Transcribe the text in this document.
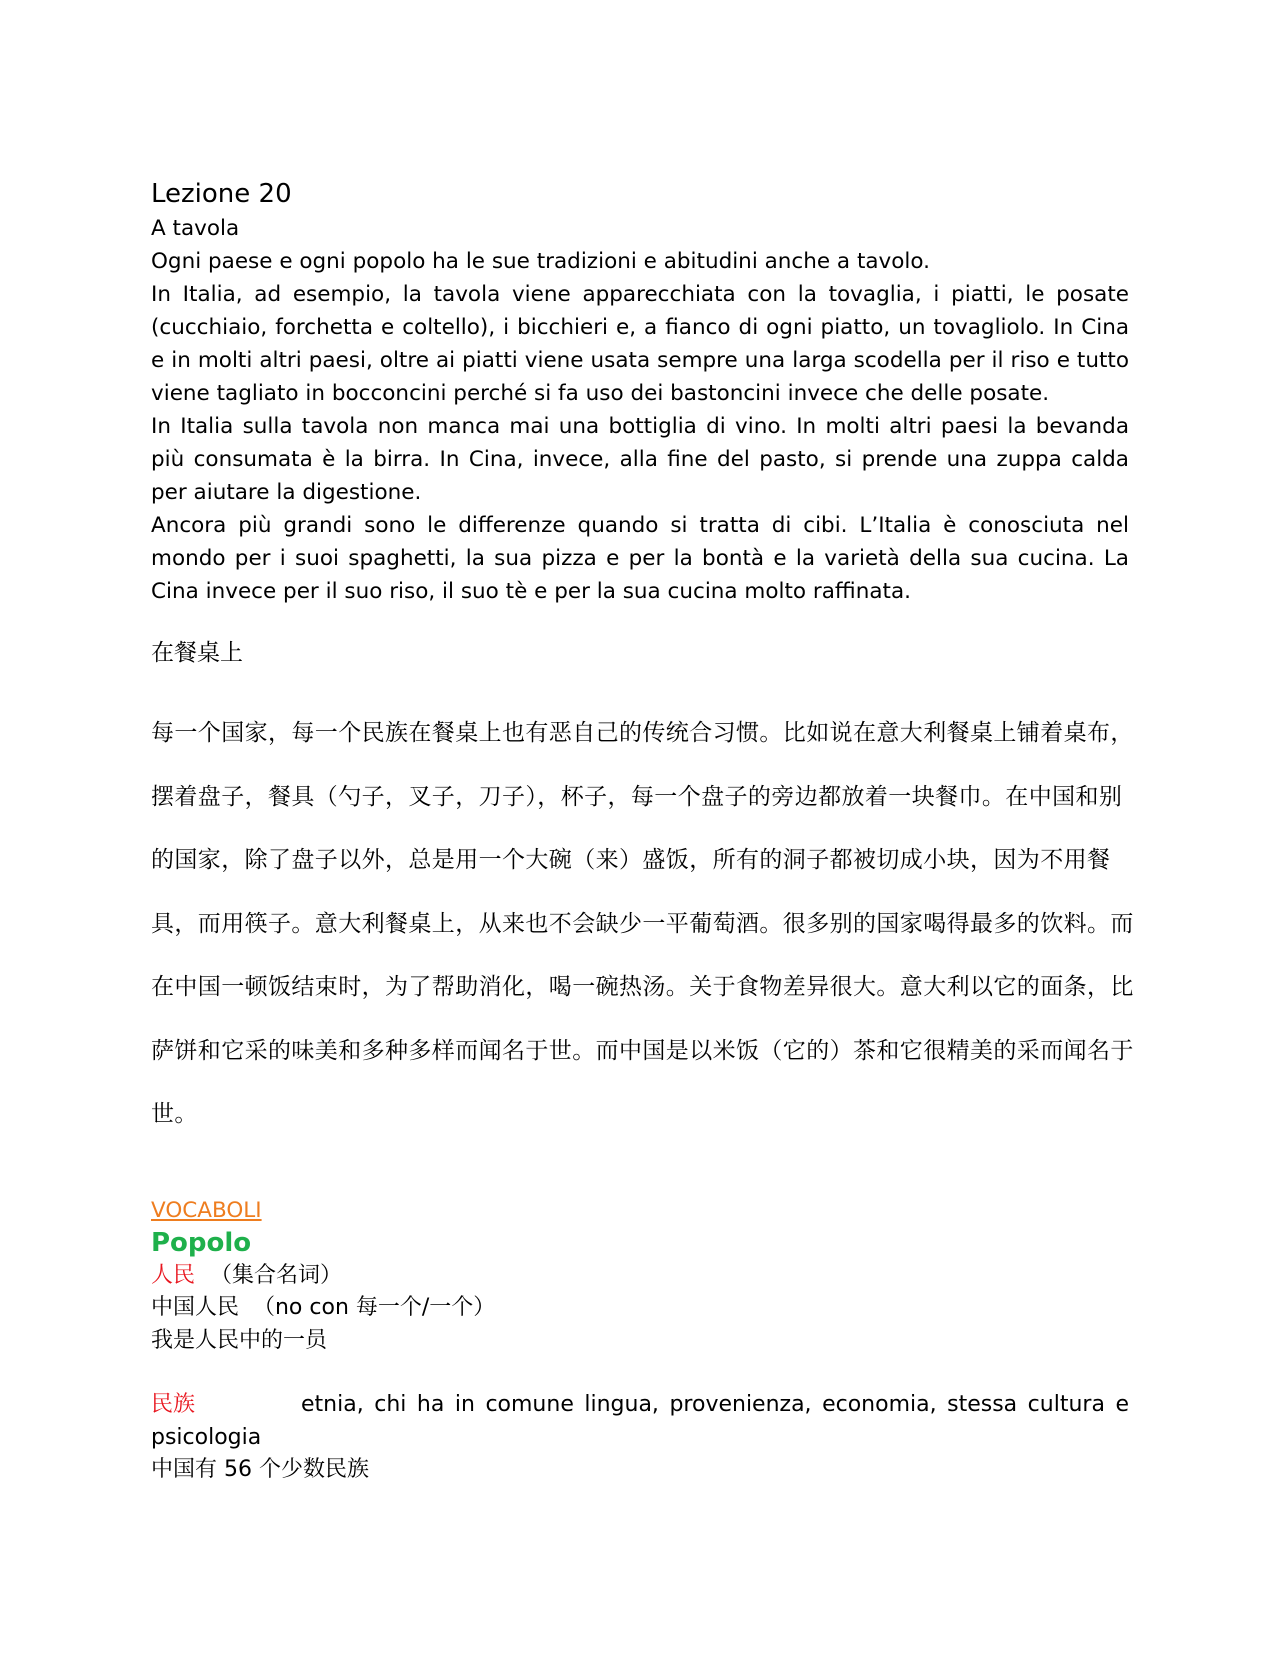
Lezione 20

A tavola

Ogni paese e ogni popolo ha le sue tradizioni e abitudini anche a tavolo.

In Italia, ad esempio, la tavola viene apparecchiata con la tovaglia, i piatti, le posate (cucchiaio, forchetta e coltello), i bicchieri e, a fianco di ogni piatto, un tovagliolo. In Cina e in molti altri paesi, oltre ai piatti viene usata sempre una larga scodella per il riso e tutto viene tagliato in bocconcini perché si fa uso dei bastoncini invece che delle posate.

In Italia sulla tavola non manca mai una bottiglia di vino. In molti altri paesi la bevanda più consumata è la birra. In Cina, invece, alla fine del pasto, si prende una zuppa calda per aiutare la digestione.

Ancora più grandi sono le differenze quando si tratta di cibi. L’Italia è conosciuta nel mondo per i suoi spaghetti, la sua pizza e per la bontà e la varietà della sua cucina. La Cina invece per il suo riso, il suo tè e per la sua cucina molto raffinata.

在餐桌上

每一个国家，每一个民族在餐桌上也有恶自己的传统合习惯。比如说在意大利餐桌上铺着桌布，摆着盘子，餐具（勺子，叉子，刀子），杯子，每一个盘子的旁边都放着一块餐巾。在中国和别的国家，除了盘子以外，总是用一个大碗（来）盛饭，所有的洞子都被切成小块，因为不用餐具，而用筷子。意大利餐桌上，从来也不会缺少一平葡萄酒。很多别的国家喝得最多的饮料。而在中国一顿饭结束时，为了帮助消化，喝一碗热汤。关于食物差异很大。意大利以它的面条，比萨饼和它采的味美和多种多样而闻名于世。而中国是以米饭（它的）茶和它很精美的采而闻名于世。

VOCABOLI

Popolo

人民 （集合名词）

中国人民  （no con 每一个/一个）

我是人民中的一员

民族	etnia, chi ha in comune lingua, provenienza, economia, stessa cultura e psicologia

中国有 56 个少数民族
